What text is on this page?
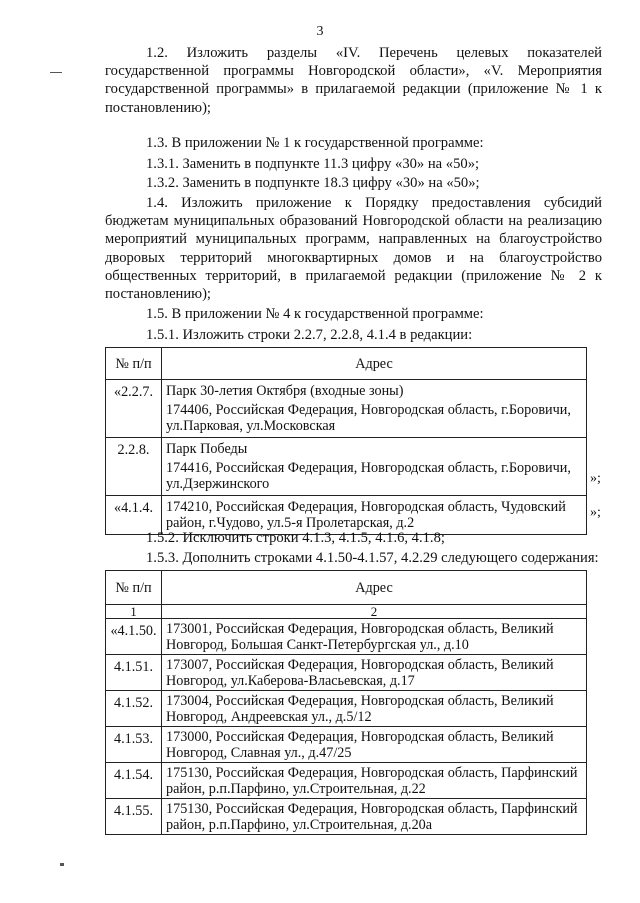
3
1.2. Изложить разделы «IV. Перечень целевых показателей государственной программы Новгородской области», «V. Мероприятия государственной программы» в прилагаемой редакции (приложение № 1 к постановлению);
1.3. В приложении № 1 к государственной программе:
1.3.1. Заменить в подпункте 11.3 цифру «30» на «50»;
1.3.2. Заменить в подпункте 18.3 цифру «30» на «50»;
1.4. Изложить приложение к Порядку предоставления субсидий бюджетам муниципальных образований Новгородской области на реализацию мероприятий муниципальных программ, направленных на благоустройство дворовых территорий многоквартирных домов и на благоустройство общественных территорий, в прилагаемой редакции (приложение № 2 к постановлению);
1.5. В приложении № 4 к государственной программе:
1.5.1. Изложить строки 2.2.7, 2.2.8, 4.1.4 в редакции:
№ п/п	Адрес
«2.2.7.	Парк 30-летия Октября (входные зоны)

174406, Российская Федерация, Новгородская область, г.Боровичи, ул.Парковая, ул.Московская

2.2.8.	Парк Победы

174416, Российская Федерация, Новгородская область, г.Боровичи, ул.Дзержинского

«4.1.4.	174210, Российская Федерация, Новгородская область, Чудовский район, г.Чудово, ул.5-я Пролетарская, д.2

»;
»;
1.5.2. Исключить строки 4.1.3, 4.1.5, 4.1.6, 4.1.8;
1.5.3. Дополнить строками 4.1.50-4.1.57, 4.2.29 следующего содержания:
№ п/п	Адрес
1	2
«4.1.50.	173001, Российская Федерация, Новгородская область, Великий Новгород, Большая Санкт-Петербургская ул., д.10
4.1.51.	173007, Российская Федерация, Новгородская область, Великий Новгород, ул.Каберова-Власьевская, д.17
4.1.52.	173004, Российская Федерация, Новгородская область, Великий Новгород, Андреевская ул., д.5/12
4.1.53.	173000, Российская Федерация, Новгородская область, Великий Новгород, Славная ул., д.47/25
4.1.54.	175130, Российская Федерация, Новгородская область, Парфинский район, р.п.Парфино, ул.Строительная, д.22
4.1.55.	175130, Российская Федерация, Новгородская область, Парфинский район, р.п.Парфино, ул.Строительная, д.20а
